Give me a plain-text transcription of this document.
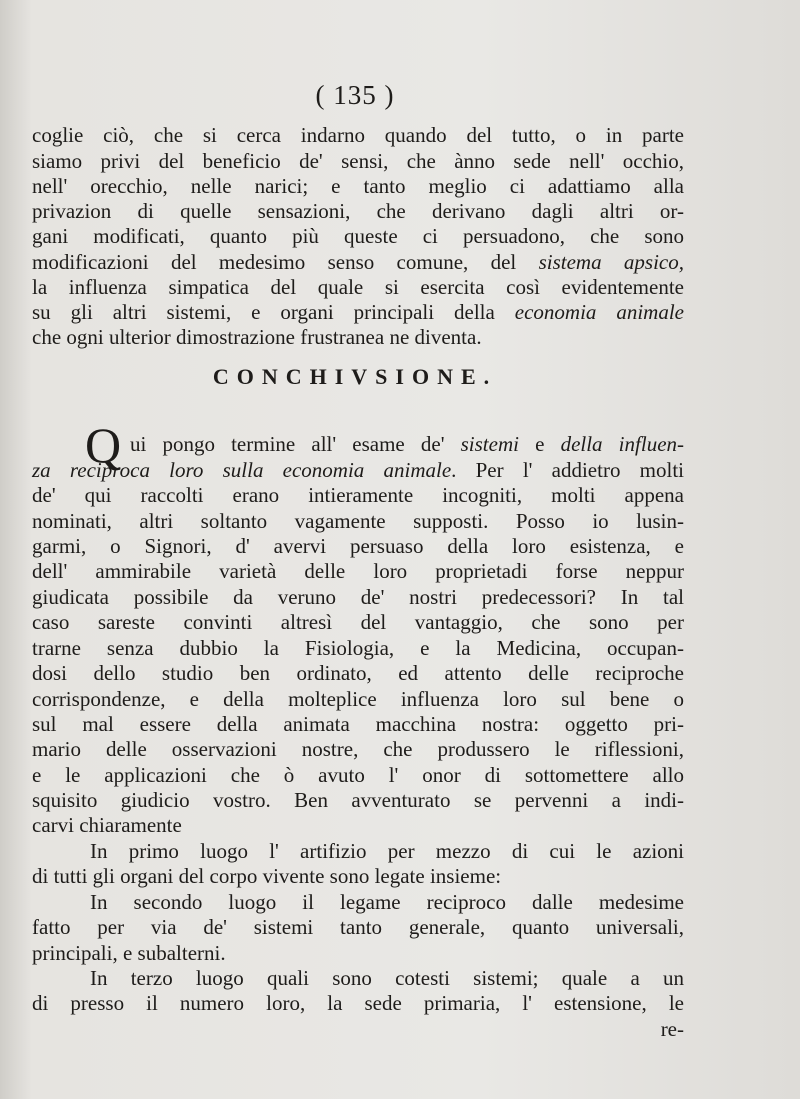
( 135 )
CONCHIVSIONE.
Q
coglie ciò, che si cerca indarno quando del tutto, o in parte
siamo privi del beneficio de' sensi, che ànno sede nell' occhio,
nell' orecchio, nelle narici; e tanto meglio ci adattiamo alla
privazion di quelle sensazioni, che derivano dagli altri or-
gani modificati, quanto più queste ci persuadono, che sono
modificazioni del medesimo senso comune, del sistema apsico,
la influenza simpatica del quale si esercita così evidentemente
su gli altri sistemi, e organi principali della economia animale
che ogni ulterior dimostrazione frustranea ne diventa.
ui pongo termine all' esame de' sistemi e della influen-
za reciproca loro sulla economia animale. Per l' addietro molti
de' qui raccolti erano intieramente incogniti, molti appena
nominati, altri soltanto vagamente supposti. Posso io lusin-
garmi, o Signori, d' avervi persuaso della loro esistenza, e
dell' ammirabile varietà delle loro proprietadi forse neppur
giudicata possibile da veruno de' nostri predecessori? In tal
caso sareste convinti altresì del vantaggio, che sono per
trarne senza dubbio la Fisiologia, e la Medicina, occupan-
dosi dello studio ben ordinato, ed attento delle reciproche
corrispondenze, e della molteplice influenza loro sul bene o
sul mal essere della animata macchina nostra: oggetto pri-
mario delle osservazioni nostre, che produssero le riflessioni,
e le applicazioni che ò avuto l' onor di sottomettere allo
squisito giudicio vostro. Ben avventurato se pervenni a indi-
carvi chiaramente
In primo luogo l' artifizio per mezzo di cui le azioni
di tutti gli organi del corpo vivente sono legate insieme:
In secondo luogo il legame reciproco dalle medesime
fatto per via de' sistemi tanto generale, quanto universali,
principali, e subalterni.
In terzo luogo quali sono cotesti sistemi; quale a un
di presso il numero loro, la sede primaria, l' estensione, le
re-
